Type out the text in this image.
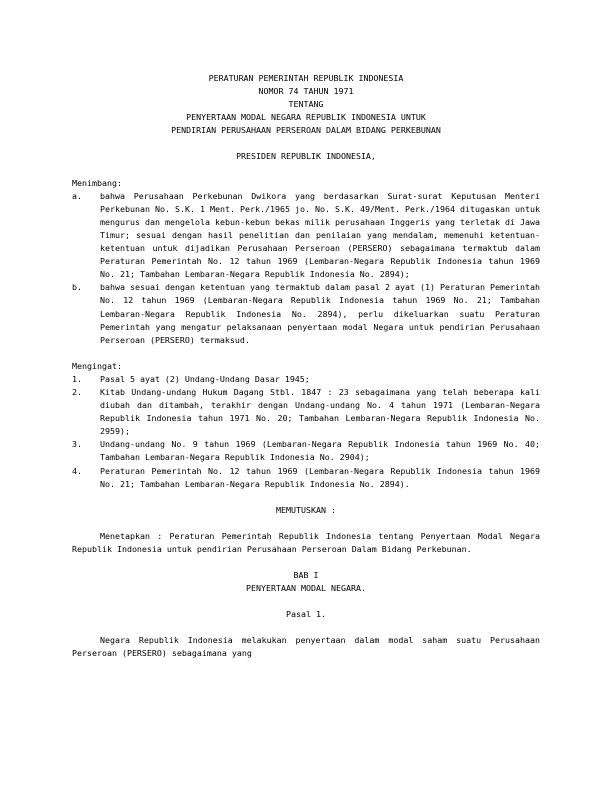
PERATURAN PEMERINTAH REPUBLIK INDONESIA
NOMOR 74 TAHUN 1971
TENTANG
PENYERTAAN MODAL NEGARA REPUBLIK INDONESIA UNTUK
PENDIRIAN PERUSAHAAN PERSEROAN DALAM BIDANG PERKEBUNAN
PRESIDEN REPUBLIK INDONESIA,
Menimbang:
a.	bahwa Perusahaan Perkebunan Dwikora yang berdasarkan Surat-surat Keputusan Menteri Perkebunan No. S.K. 1 Ment. Perk./1965 jo. No. S.K. 49/Ment. Perk./1964 ditugaskan untuk mengurus dan mengelola kebun-kebun bekas milik perusahaan Inggeris yang terletak di Jawa Timur; sesuai dengan hasil penelitian dan penilaian yang mendalam, memenuhi ketentuan-ketentuan untuk dijadikan Perusahaan Perseroan (PERSERO) sebagaimana termaktub dalam Peraturan Pemerintah No. 12 tahun 1969 (Lembaran-Negara Republik Indonesia tahun 1969 No. 21; Tambahan Lembaran-Negara Republik Indonesia No. 2894);
b.	bahwa sesuai dengan ketentuan yang termaktub dalam pasal 2 ayat (1) Peraturan Pemerintah No. 12 tahun 1969 (Lembaran-Negara Republik Indonesia tahun 1969 No. 21; Tambahan Lembaran-Negara Republik Indonesia No. 2894), perlu dikeluarkan suatu Peraturan Pemerintah yang mengatur pelaksanaan penyertaan modal Negara untuk pendirian Perusahaan Perseroan (PERSERO) termaksud.
Mengingat:
1.	Pasal 5 ayat (2) Undang-Undang Dasar 1945;
2.	Kitab Undang-undang Hukum Dagang Stbl. 1847 : 23 sebagaimana yang telah beberapa kali diubah dan ditambah, terakhir dengan Undang-undang No. 4 tahun 1971 (Lembaran-Negara Republik Indonesia tahun 1971 No. 20; Tambahan Lembaran-Negara Republik Indonesia No. 2959);
3.	Undang-undang No. 9 tahun 1969 (Lembaran-Negara Republik Indonesia tahun 1969 No. 40; Tambahan Lembaran-Negara Republik Indonesia No. 2904);
4.	Peraturan Pemerintah No. 12 tahun 1969 (Lembaran-Negara Republik Indonesia tahun 1969 No. 21; Tambahan Lembaran-Negara Republik Indonesia No. 2894).
MEMUTUSKAN :
Menetapkan : Peraturan Pemerintah Republik Indonesia tentang Penyertaan Modal Negara Republik Indonesia untuk pendirian Perusahaan Perseroan Dalam Bidang Perkebunan.
BAB I
PENYERTAAN MODAL NEGARA.
Pasal 1.
Negara Republik Indonesia melakukan penyertaan dalam modal saham suatu Perusahaan Perseroan (PERSERO) sebagaimana yang
